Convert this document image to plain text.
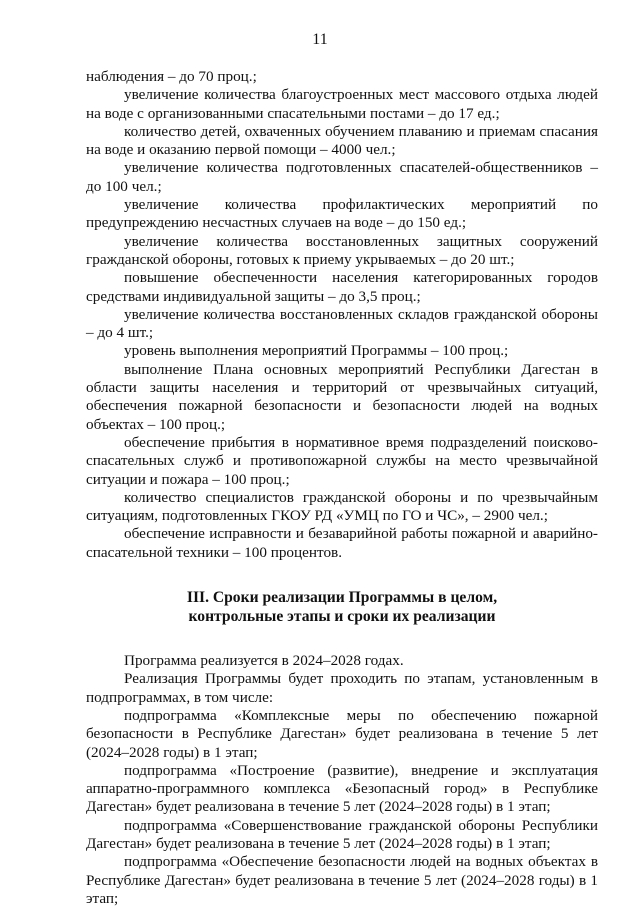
11

наблюдения – до 70 проц.;

увеличение количества благоустроенных мест массового отдыха людей на воде с организованными спасательными постами – до 17 ед.;

количество детей, охваченных обучением плаванию и приемам спасания на воде и оказанию первой помощи – 4000 чел.;

увеличение количества подготовленных спасателей-общественников – до 100 чел.;

увеличение количества профилактических мероприятий по предупреждению несчастных случаев на воде – до 150 ед.;

увеличение количества восстановленных защитных сооружений гражданской обороны, готовых к приему укрываемых – до 20 шт.;

повышение обеспеченности населения категорированных городов средствами индивидуальной защиты – до 3,5 проц.;

увеличение количества восстановленных складов гражданской обороны – до 4 шт.;

уровень выполнения мероприятий Программы – 100 проц.;

выполнение Плана основных мероприятий Республики Дагестан в области защиты населения и территорий от чрезвычайных ситуаций, обеспечения пожарной безопасности и безопасности людей на водных объектах – 100 проц.;

обеспечение прибытия в нормативное время подразделений поисково-спасательных служб и противопожарной службы на место чрезвычайной ситуации и пожара – 100 проц.;

количество специалистов гражданской обороны и по чрезвычайным ситуациям, подготовленных ГКОУ РД «УМЦ по ГО и ЧС», – 2900 чел.;

обеспечение исправности и безаварийной работы пожарной и аварийно-спасательной техники – 100 процентов.

III. Сроки реализации Программы в целом,
контрольные этапы и сроки их реализации

Программа реализуется в 2024–2028 годах.

Реализация Программы будет проходить по этапам, установленным в подпрограммах, в том числе:

подпрограмма «Комплексные меры по обеспечению пожарной безопасности в Республике Дагестан» будет реализована в течение 5 лет (2024–2028 годы) в 1 этап;

подпрограмма «Построение (развитие), внедрение и эксплуатация аппаратно-программного комплекса «Безопасный город» в Республике Дагестан» будет реализована в течение 5 лет (2024–2028 годы) в 1 этап;

подпрограмма «Совершенствование гражданской обороны Республики Дагестан» будет реализована в течение 5 лет (2024–2028 годы) в 1 этап;

подпрограмма «Обеспечение безопасности людей на водных объектах в Республике Дагестан» будет реализована в течение 5 лет (2024–2028 годы) в 1 этап;
